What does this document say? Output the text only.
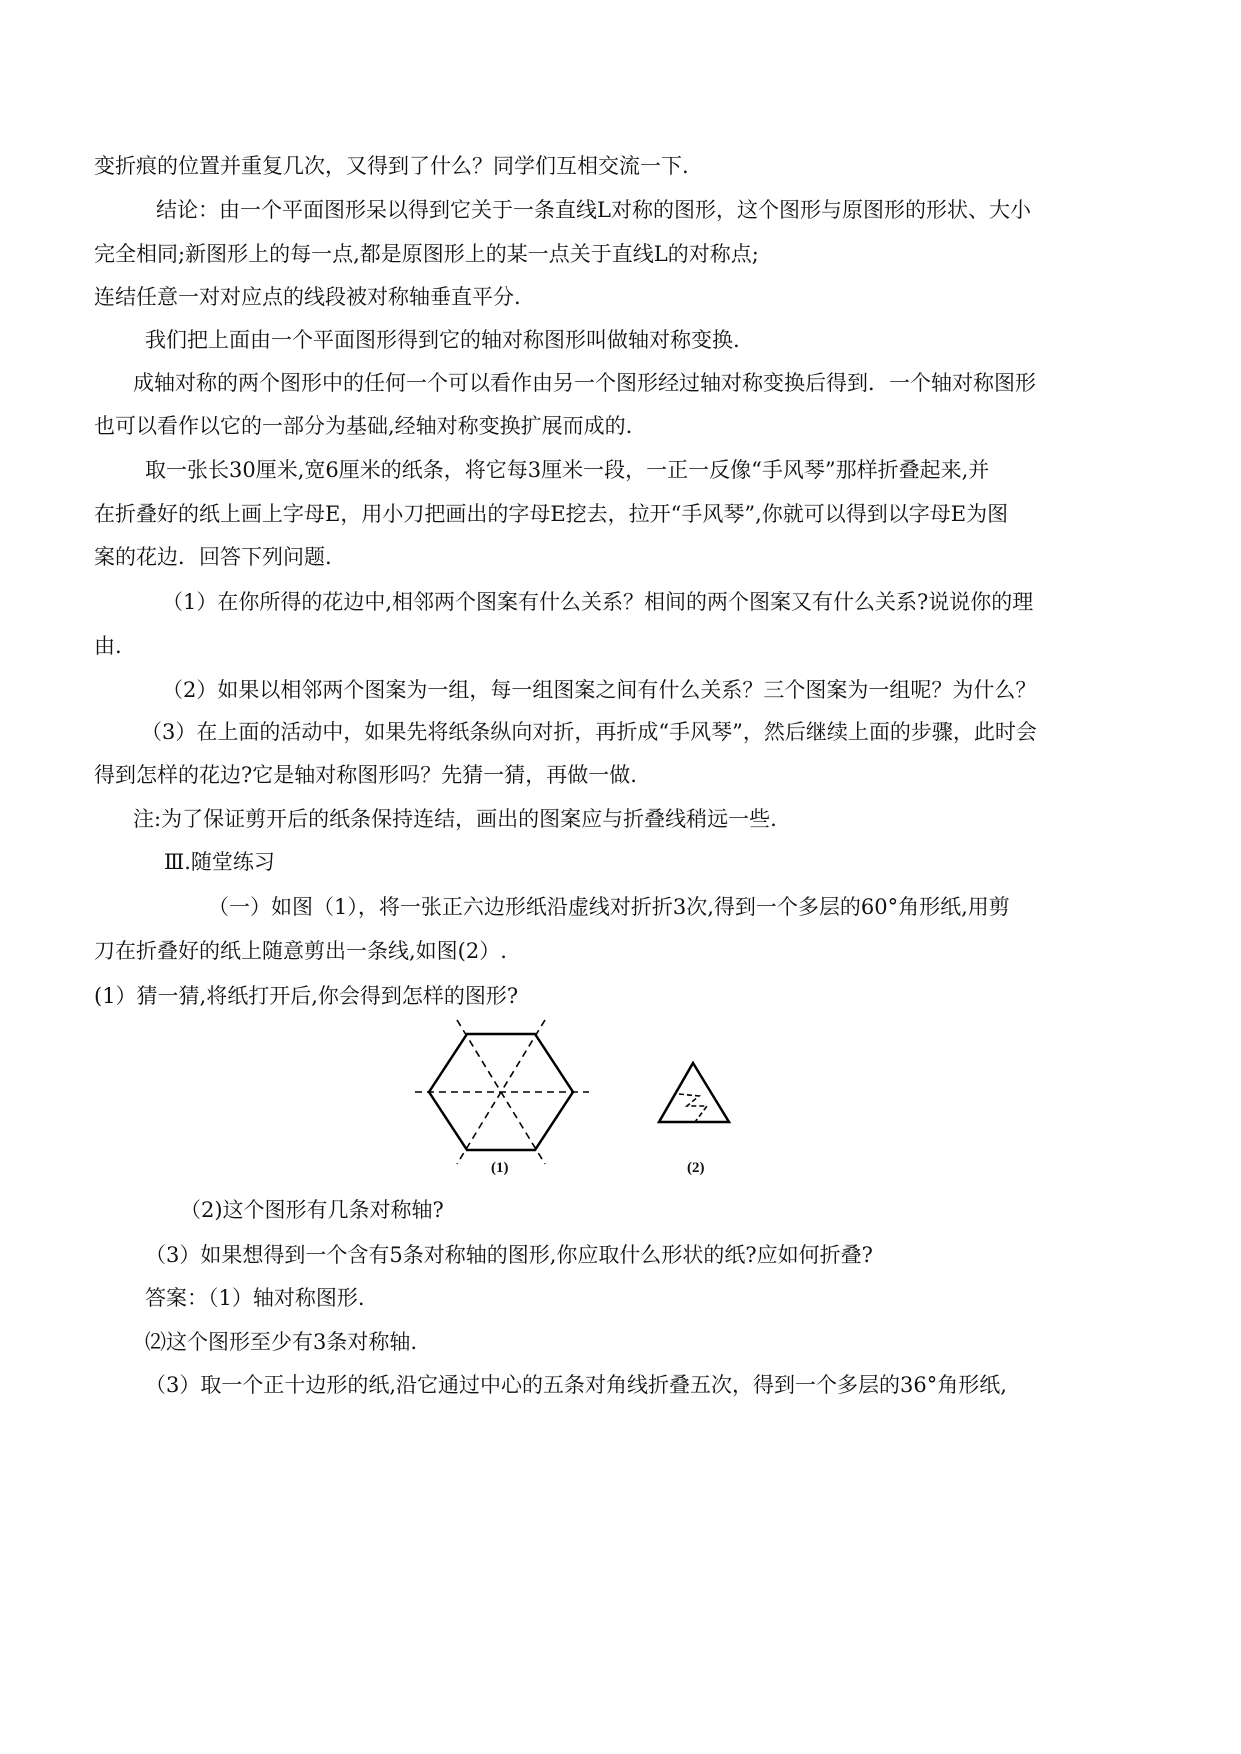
变折痕的位置并重复几次，又得到了什么？同学们互相交流一下.
结论：由一个平面图形呆以得到它关于一条直线L对称的图形，这个图形与原图形的形状、大小
完全相同;新图形上的每一点,都是原图形上的某一点关于直线L的对称点;
连结任意一对对应点的线段被对称轴垂直平分.
我们把上面由一个平面图形得到它的轴对称图形叫做轴对称变换.
成轴对称的两个图形中的任何一个可以看作由另一个图形经过轴对称变换后得到．一个轴对称图形
也可以看作以它的一部分为基础,经轴对称变换扩展而成的.
取一张长30厘米,宽6厘米的纸条，将它每3厘米一段，一正一反像“手风琴”那样折叠起来,并
在折叠好的纸上画上字母E，用小刀把画出的字母E挖去，拉开“手风琴”,你就可以得到以字母E为图
案的花边．回答下列问题.
（1）在你所得的花边中,相邻两个图案有什么关系？相间的两个图案又有什么关系?说说你的理
由.
（2）如果以相邻两个图案为一组，每一组图案之间有什么关系？三个图案为一组呢？为什么？
（3）在上面的活动中，如果先将纸条纵向对折，再折成“手风琴”，然后继续上面的步骤，此时会
得到怎样的花边?它是轴对称图形吗？先猜一猜，再做一做.
注:为了保证剪开后的纸条保持连结，画出的图案应与折叠线稍远一些.
Ⅲ.随堂练习
（一）如图（1），将一张正六边形纸沿虚线对折折3次,得到一个多层的60°角形纸,用剪
刀在折叠好的纸上随意剪出一条线,如图(2）.
(1）猜一猜,将纸打开后,你会得到怎样的图形?
(1)	(2)
（2)这个图形有几条对称轴?
（3）如果想得到一个含有5条对称轴的图形,你应取什么形状的纸?应如何折叠?
答案：（1）轴对称图形.
⑵这个图形至少有3条对称轴.
（3）取一个正十边形的纸,沿它通过中心的五条对角线折叠五次，得到一个多层的36°角形纸,
